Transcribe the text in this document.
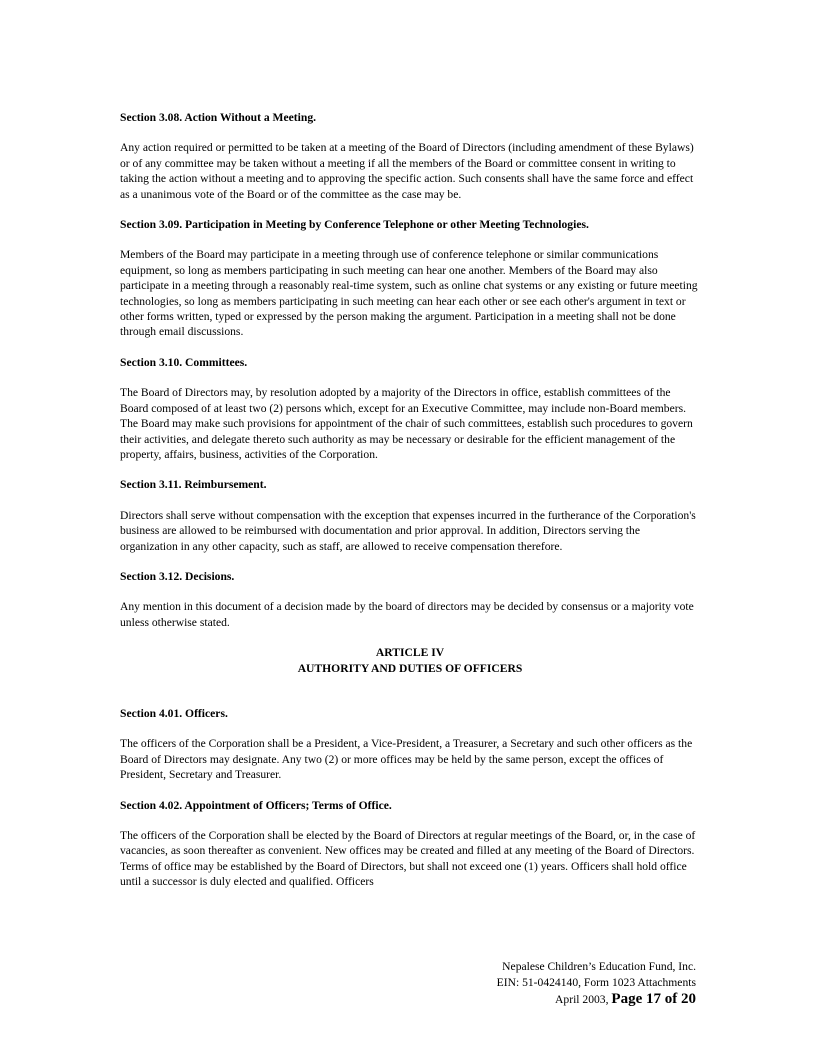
Section 3.08. Action Without a Meeting.

Any action required or permitted to be taken at a meeting of the Board of Directors (including amendment of these Bylaws) or of any committee may be taken without a meeting if all the members of the Board or committee consent in writing to taking the action without a meeting and to approving the specific action. Such consents shall have the same force and effect as a unanimous vote of the Board or of the committee as the case may be.

Section 3.09. Participation in Meeting by Conference Telephone or other Meeting Technologies.

Members of the Board may participate in a meeting through use of conference telephone or similar communications equipment, so long as members participating in such meeting can hear one another. Members of the Board may also participate in a meeting through a reasonably real-time system, such as online chat systems or any existing or future meeting technologies, so long as members participating in such meeting can hear each other or see each other's argument in text or other forms written, typed or expressed by the person making the argument. Participation in a meeting shall not be done through email discussions.

Section 3.10. Committees.

The Board of Directors may, by resolution adopted by a majority of the Directors in office, establish committees of the Board composed of at least two (2) persons which, except for an Executive Committee, may include non-Board members. The Board may make such provisions for appointment of the chair of such committees, establish such procedures to govern their activities, and delegate thereto such authority as may be necessary or desirable for the efficient management of the property, affairs, business, activities of the Corporation.

Section 3.11. Reimbursement.

Directors shall serve without compensation with the exception that expenses incurred in the furtherance of the Corporation's business are allowed to be reimbursed with documentation and prior approval. In addition, Directors serving the organization in any other capacity, such as staff, are allowed to receive compensation therefore.

Section 3.12. Decisions.

Any mention in this document of a decision made by the board of directors may be decided by consensus or a majority vote unless otherwise stated.

ARTICLE IV
AUTHORITY AND DUTIES OF OFFICERS

Section 4.01. Officers.

The officers of the Corporation shall be a President, a Vice-President, a Treasurer, a Secretary and such other officers as the Board of Directors may designate. Any two (2) or more offices may be held by the same person, except the offices of President, Secretary and Treasurer.

Section 4.02. Appointment of Officers; Terms of Office.

The officers of the Corporation shall be elected by the Board of Directors at regular meetings of the Board, or, in the case of vacancies, as soon thereafter as convenient. New offices may be created and filled at any meeting of the Board of Directors. Terms of office may be established by the Board of Directors, but shall not exceed one (1) years. Officers shall hold office until a successor is duly elected and qualified. Officers

Nepalese Children’s Education Fund, Inc.
EIN: 51-0424140, Form 1023 Attachments
April 2003, Page 17 of 20
